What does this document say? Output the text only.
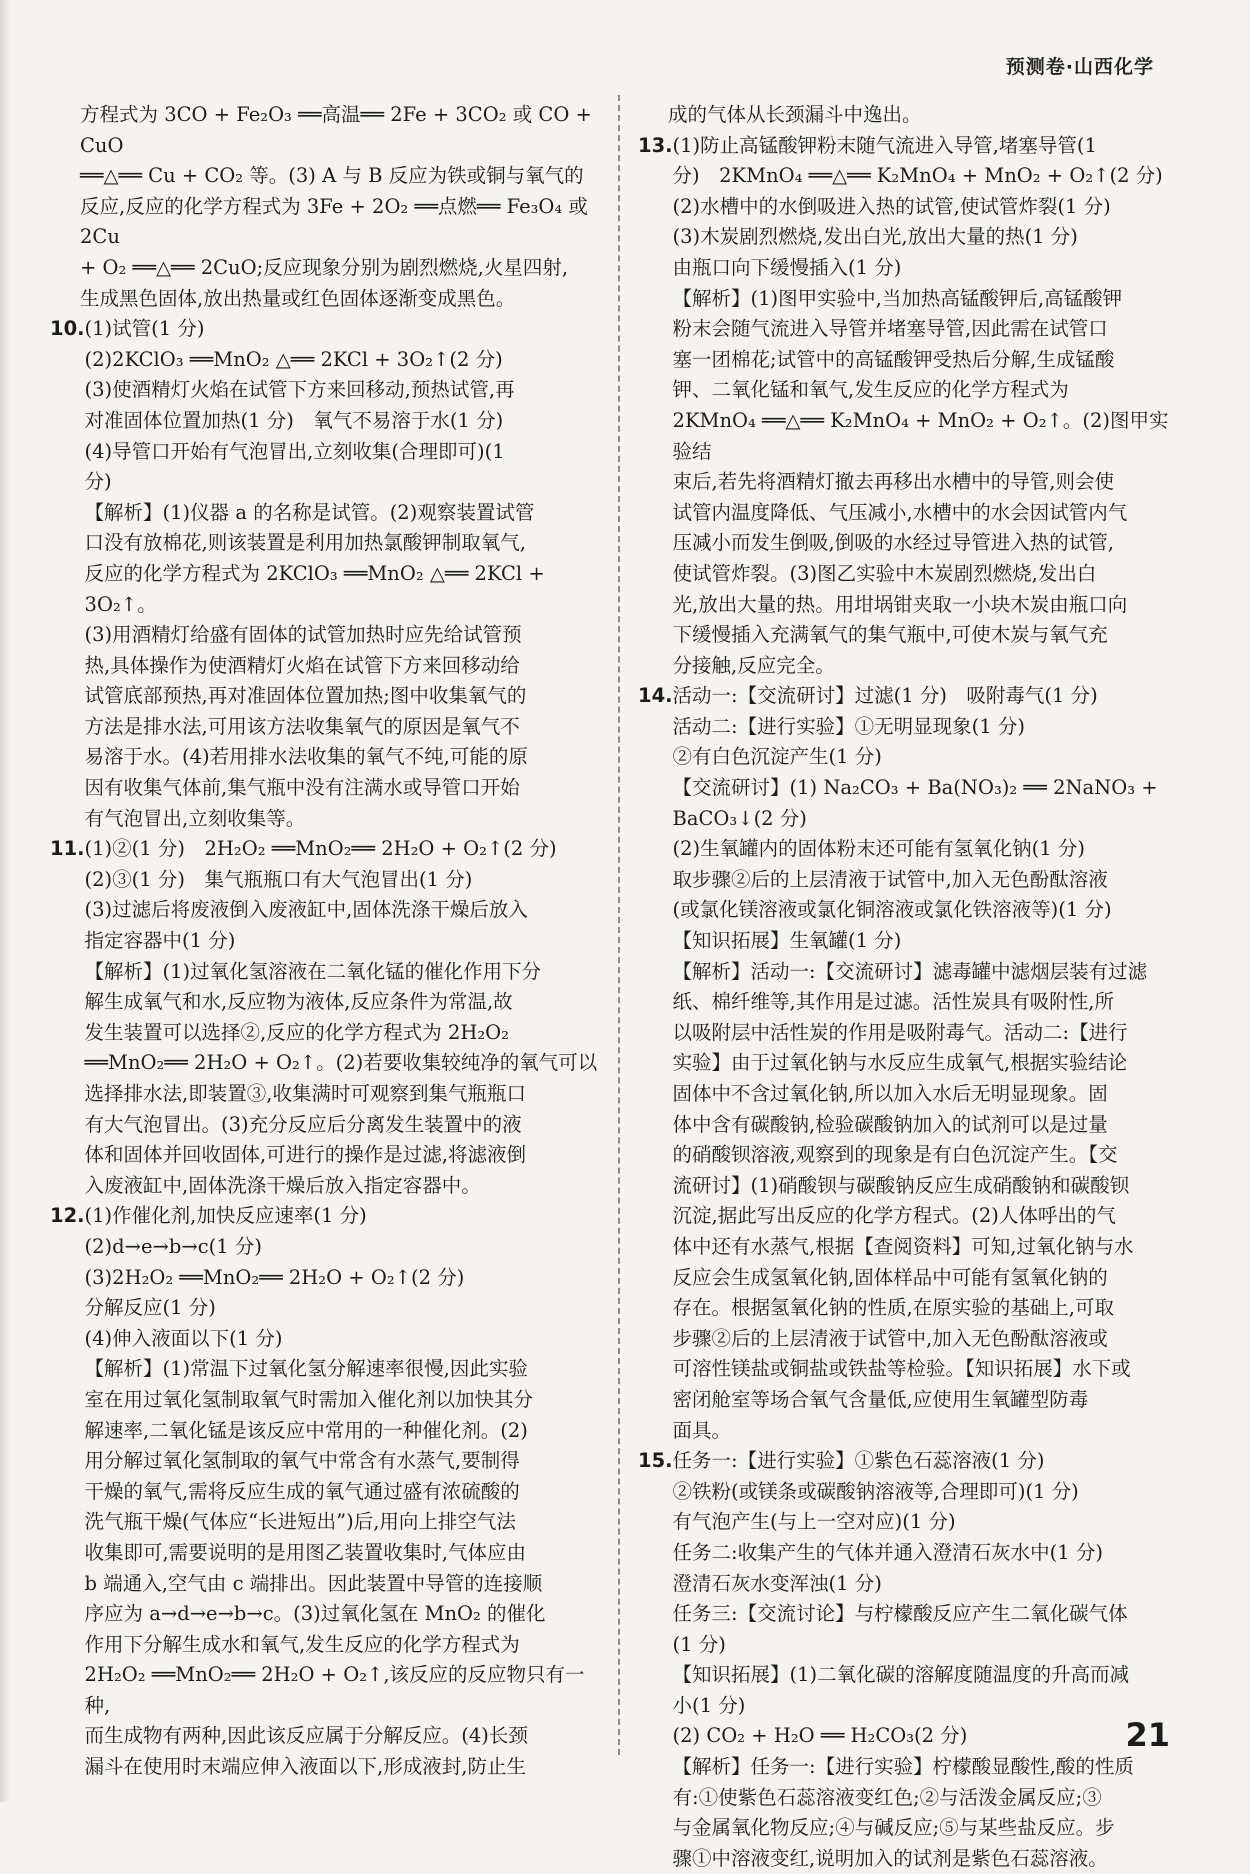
预测卷·山西化学

方程式为 3CO + Fe₂O₃ ══高温══ 2Fe + 3CO₂ 或 CO + CuO

══△══ Cu + CO₂ 等。(3) A 与 B 反应为铁或铜与氧气的

反应,反应的化学方程式为 3Fe + 2O₂ ══点燃══ Fe₃O₄ 或 2Cu

+ O₂ ══△══ 2CuO;反应现象分别为剧烈燃烧,火星四射,

生成黑色固体,放出热量或红色固体逐渐变成黑色。

10. (1)试管(1 分)

(2)2KClO₃ ══MnO₂ △══ 2KCl + 3O₂↑(2 分)

(3)使酒精灯火焰在试管下方来回移动,预热试管,再

对准固体位置加热(1 分)　氧气不易溶于水(1 分)

(4)导管口开始有气泡冒出,立刻收集(合理即可)(1

分)

【解析】(1)仪器 a 的名称是试管。(2)观察装置试管

口没有放棉花,则该装置是利用加热氯酸钾制取氧气,

反应的化学方程式为 2KClO₃ ══MnO₂ △══ 2KCl + 3O₂↑。

(3)用酒精灯给盛有固体的试管加热时应先给试管预

热,具体操作为使酒精灯火焰在试管下方来回移动给

试管底部预热,再对准固体位置加热;图中收集氧气的

方法是排水法,可用该方法收集氧气的原因是氧气不

易溶于水。(4)若用排水法收集的氧气不纯,可能的原

因有收集气体前,集气瓶中没有注满水或导管口开始

有气泡冒出,立刻收集等。

11. (1)②(1 分)　2H₂O₂ ══MnO₂══ 2H₂O + O₂↑(2 分)

(2)③(1 分)　集气瓶瓶口有大气泡冒出(1 分)

(3)过滤后将废液倒入废液缸中,固体洗涤干燥后放入

指定容器中(1 分)

【解析】(1)过氧化氢溶液在二氧化锰的催化作用下分

解生成氧气和水,反应物为液体,反应条件为常温,故

发生装置可以选择②,反应的化学方程式为 2H₂O₂

══MnO₂══ 2H₂O + O₂↑。(2)若要收集较纯净的氧气可以

选择排水法,即装置③,收集满时可观察到集气瓶瓶口

有大气泡冒出。(3)充分反应后分离发生装置中的液

体和固体并回收固体,可进行的操作是过滤,将滤液倒

入废液缸中,固体洗涤干燥后放入指定容器中。

12. (1)作催化剂,加快反应速率(1 分)

(2)d→e→b→c(1 分)

(3)2H₂O₂ ══MnO₂══ 2H₂O + O₂↑(2 分)

分解反应(1 分)

(4)伸入液面以下(1 分)

【解析】(1)常温下过氧化氢分解速率很慢,因此实验

室在用过氧化氢制取氧气时需加入催化剂以加快其分

解速率,二氧化锰是该反应中常用的一种催化剂。(2)

用分解过氧化氢制取的氧气中常含有水蒸气,要制得

干燥的氧气,需将反应生成的氧气通过盛有浓硫酸的

洗气瓶干燥(气体应“长进短出”)后,用向上排空气法

收集即可,需要说明的是用图乙装置收集时,气体应由

b 端通入,空气由 c 端排出。因此装置中导管的连接顺

序应为 a→d→e→b→c。(3)过氧化氢在 MnO₂ 的催化

作用下分解生成水和氧气,发生反应的化学方程式为

2H₂O₂ ══MnO₂══ 2H₂O + O₂↑,该反应的反应物只有一种,

而生成物有两种,因此该反应属于分解反应。(4)长颈

漏斗在使用时末端应伸入液面以下,形成液封,防止生

成的气体从长颈漏斗中逸出。

13. (1)防止高锰酸钾粉末随气流进入导管,堵塞导管(1

分)　2KMnO₄ ══△══ K₂MnO₄ + MnO₂ + O₂↑(2 分)

(2)水槽中的水倒吸进入热的试管,使试管炸裂(1 分)

(3)木炭剧烈燃烧,发出白光,放出大量的热(1 分)

由瓶口向下缓慢插入(1 分)

【解析】(1)图甲实验中,当加热高锰酸钾后,高锰酸钾

粉末会随气流进入导管并堵塞导管,因此需在试管口

塞一团棉花;试管中的高锰酸钾受热后分解,生成锰酸

钾、二氧化锰和氧气,发生反应的化学方程式为

2KMnO₄ ══△══ K₂MnO₄ + MnO₂ + O₂↑。(2)图甲实验结

束后,若先将酒精灯撤去再移出水槽中的导管,则会使

试管内温度降低、气压减小,水槽中的水会因试管内气

压减小而发生倒吸,倒吸的水经过导管进入热的试管,

使试管炸裂。(3)图乙实验中木炭剧烈燃烧,发出白

光,放出大量的热。用坩埚钳夹取一小块木炭由瓶口向

下缓慢插入充满氧气的集气瓶中,可使木炭与氧气充

分接触,反应完全。

14. 活动一:【交流研讨】过滤(1 分)　吸附毒气(1 分)

活动二:【进行实验】①无明显现象(1 分)

②有白色沉淀产生(1 分)

【交流研讨】(1) Na₂CO₃ + Ba(NO₃)₂ ══ 2NaNO₃ +

BaCO₃↓(2 分)

(2)生氧罐内的固体粉末还可能有氢氧化钠(1 分)

取步骤②后的上层清液于试管中,加入无色酚酞溶液

(或氯化镁溶液或氯化铜溶液或氯化铁溶液等)(1 分)

【知识拓展】生氧罐(1 分)

【解析】活动一:【交流研讨】滤毒罐中滤烟层装有过滤

纸、棉纤维等,其作用是过滤。活性炭具有吸附性,所

以吸附层中活性炭的作用是吸附毒气。活动二:【进行

实验】由于过氧化钠与水反应生成氧气,根据实验结论

固体中不含过氧化钠,所以加入水后无明显现象。固

体中含有碳酸钠,检验碳酸钠加入的试剂可以是过量

的硝酸钡溶液,观察到的现象是有白色沉淀产生。【交

流研讨】(1)硝酸钡与碳酸钠反应生成硝酸钠和碳酸钡

沉淀,据此写出反应的化学方程式。(2)人体呼出的气

体中还有水蒸气,根据【查阅资料】可知,过氧化钠与水

反应会生成氢氧化钠,固体样品中可能有氢氧化钠的

存在。根据氢氧化钠的性质,在原实验的基础上,可取

步骤②后的上层清液于试管中,加入无色酚酞溶液或

可溶性镁盐或铜盐或铁盐等检验。【知识拓展】水下或

密闭舱室等场合氧气含量低,应使用生氧罐型防毒

面具。

15. 任务一:【进行实验】①紫色石蕊溶液(1 分)

②铁粉(或镁条或碳酸钠溶液等,合理即可)(1 分)

有气泡产生(与上一空对应)(1 分)

任务二:收集产生的气体并通入澄清石灰水中(1 分)

澄清石灰水变浑浊(1 分)

任务三:【交流讨论】与柠檬酸反应产生二氧化碳气体

(1 分)

【知识拓展】(1)二氧化碳的溶解度随温度的升高而减

小(1 分)

(2) CO₂ + H₂O ══ H₂CO₃(2 分)

【解析】任务一:【进行实验】柠檬酸显酸性,酸的性质

有:①使紫色石蕊溶液变红色;②与活泼金属反应;③

与金属氧化物反应;④与碱反应;⑤与某些盐反应。步

骤①中溶液变红,说明加入的试剂是紫色石蕊溶液。

21
